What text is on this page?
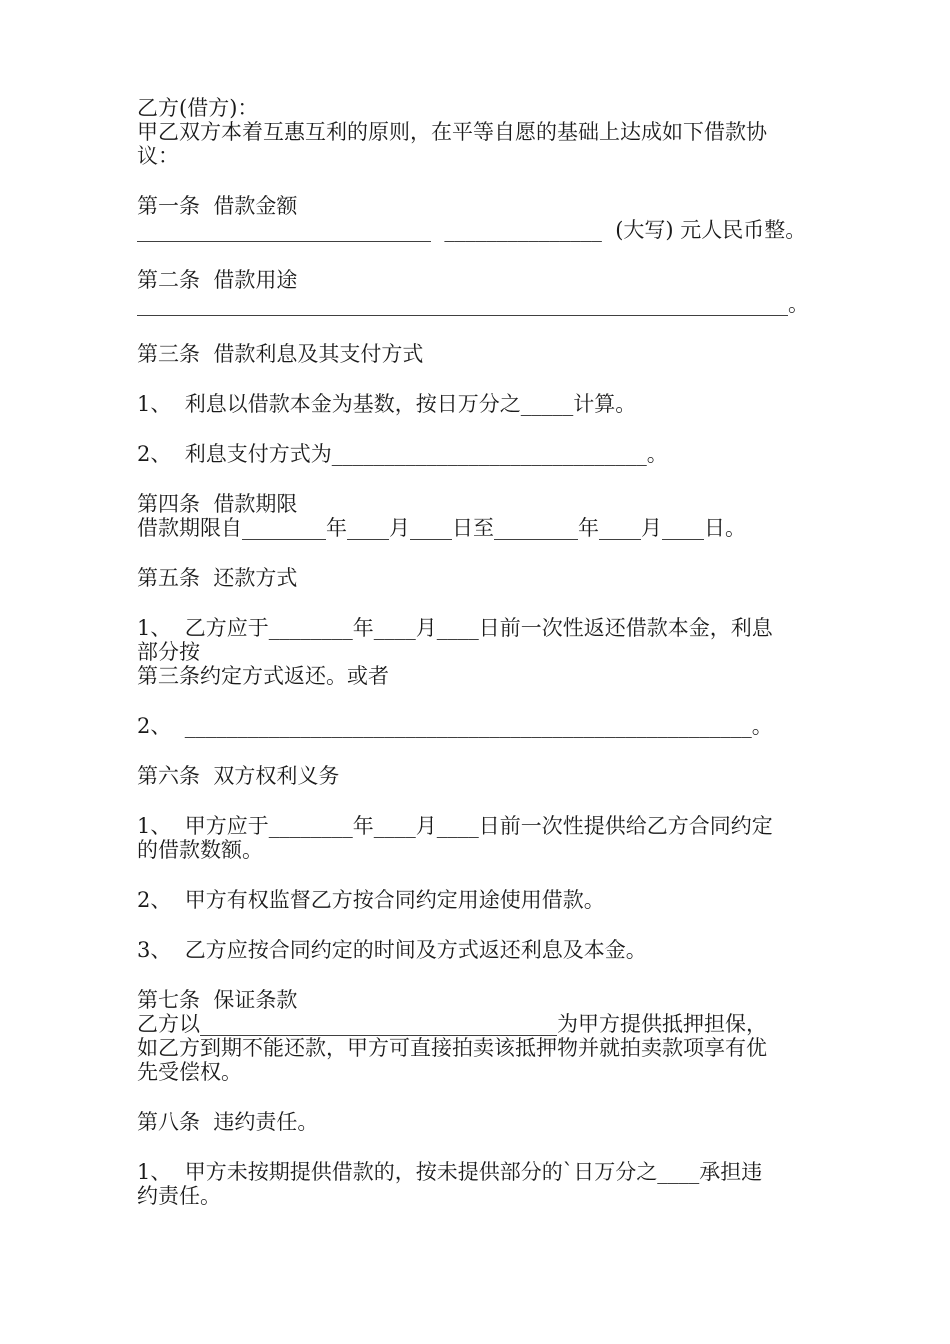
乙方(借方)：

甲乙双方本着互惠互利的原则，在平等自愿的基础上达成如下借款协

议：

第一条  借款金额

____________________________  _______________  (大写) 元人民币整。

第二条  借款用途

______________________________________________________________。

第三条  借款利息及其支付方式

1、  利息以借款本金为基数，按日万分之_____计算。

2、  利息支付方式为______________________________。

第四条  借款期限

借款期限自________年____月____日至________年____月____日。

第五条  还款方式

1、  乙方应于________年____月____日前一次性返还借款本金，利息

部分按

第三条约定方式返还。或者

2、  ______________________________________________________。

第六条  双方权利义务

1、  甲方应于________年____月____日前一次性提供给乙方合同约定

的借款数额。

2、  甲方有权监督乙方按合同约定用途使用借款。

3、  乙方应按合同约定的时间及方式返还利息及本金。

第七条  保证条款

乙方以__________________________________为甲方提供抵押担保，

如乙方到期不能还款，甲方可直接拍卖该抵押物并就拍卖款项享有优

先受偿权。

第八条  违约责任。

1、  甲方未按期提供借款的，按未提供部分的`日万分之____承担违

约责任。
